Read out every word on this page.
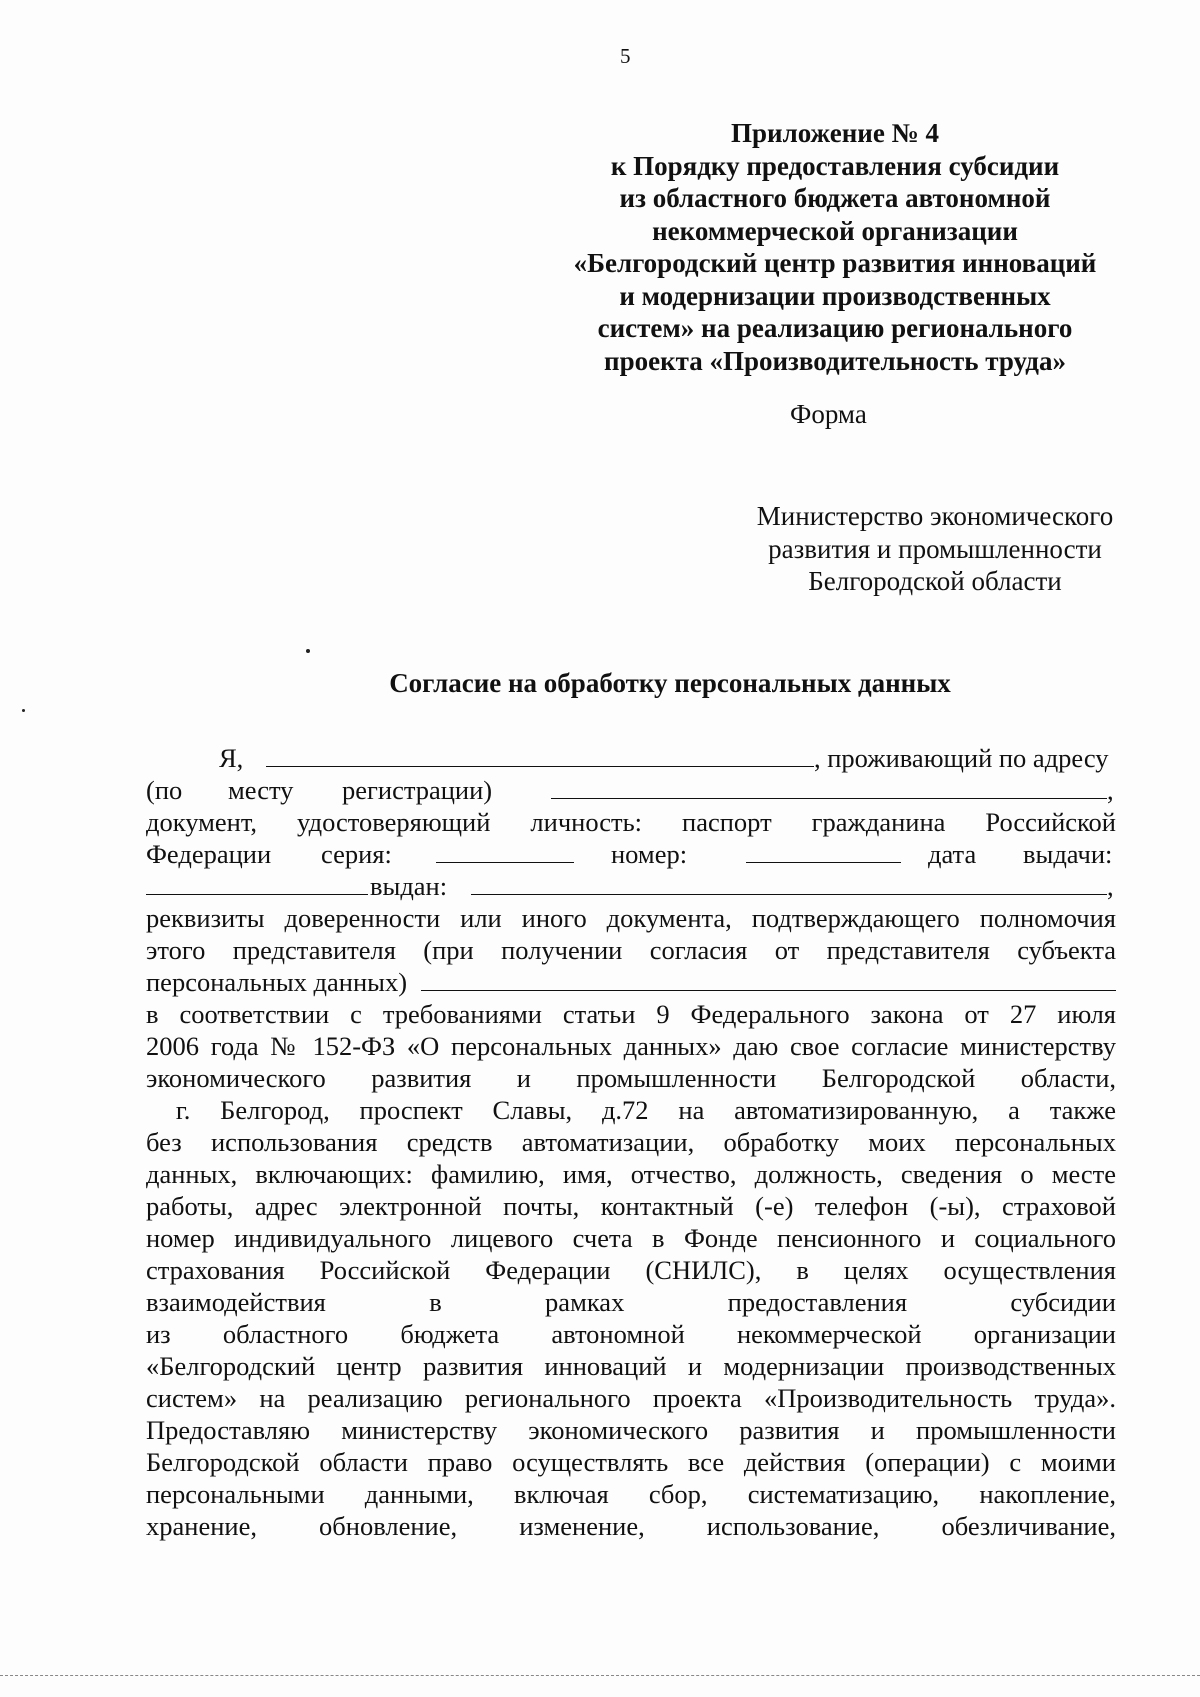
5
Приложение № 4
к Порядку предоставления субсидии
из областного бюджета автономной
некоммерческой организации
«Белгородский центр развития инноваций
и модернизации производственных
систем» на реализацию регионального
проекта «Производительность труда»
Форма
Министерство экономического
развития и промышленности
Белгородской области
Согласие на обработку персональных данных
Я,	, проживающий по адресу
(по месту регистрации)	,
документ, удостоверяющий личность: паспорт гражданина Российской
Федерации серия:	номер:	дата выдачи:
выдан:	,
реквизиты доверенности или иного документа, подтверждающего полномочия
этого представителя (при получении согласия от представителя субъекта
персональных данных)
в соответствии с требованиями статьи 9 Федерального закона от 27 июля
2006 года № 152-ФЗ «О персональных данных» даю свое согласие министерству
экономического развития и промышленности Белгородской области,
г. Белгород, проспект Славы, д.72 на автоматизированную, а также
без использования средств автоматизации, обработку моих персональных
данных, включающих: фамилию, имя, отчество, должность, сведения о месте
работы, адрес электронной почты, контактный (-е) телефон (-ы), страховой
номер индивидуального лицевого счета в Фонде пенсионного и социального
страхования Российской Федерации (СНИЛС), в целях осуществления
взаимодействия в рамках предоставления субсидии
из областного бюджета автономной некоммерческой организации
«Белгородский центр развития инноваций и модернизации производственных
систем» на реализацию регионального проекта «Производительность труда».
Предоставляю министерству экономического развития и промышленности
Белгородской области право осуществлять все действия (операции) с моими
персональными данными, включая сбор, систематизацию, накопление,
хранение, обновление, изменение, использование, обезличивание,
